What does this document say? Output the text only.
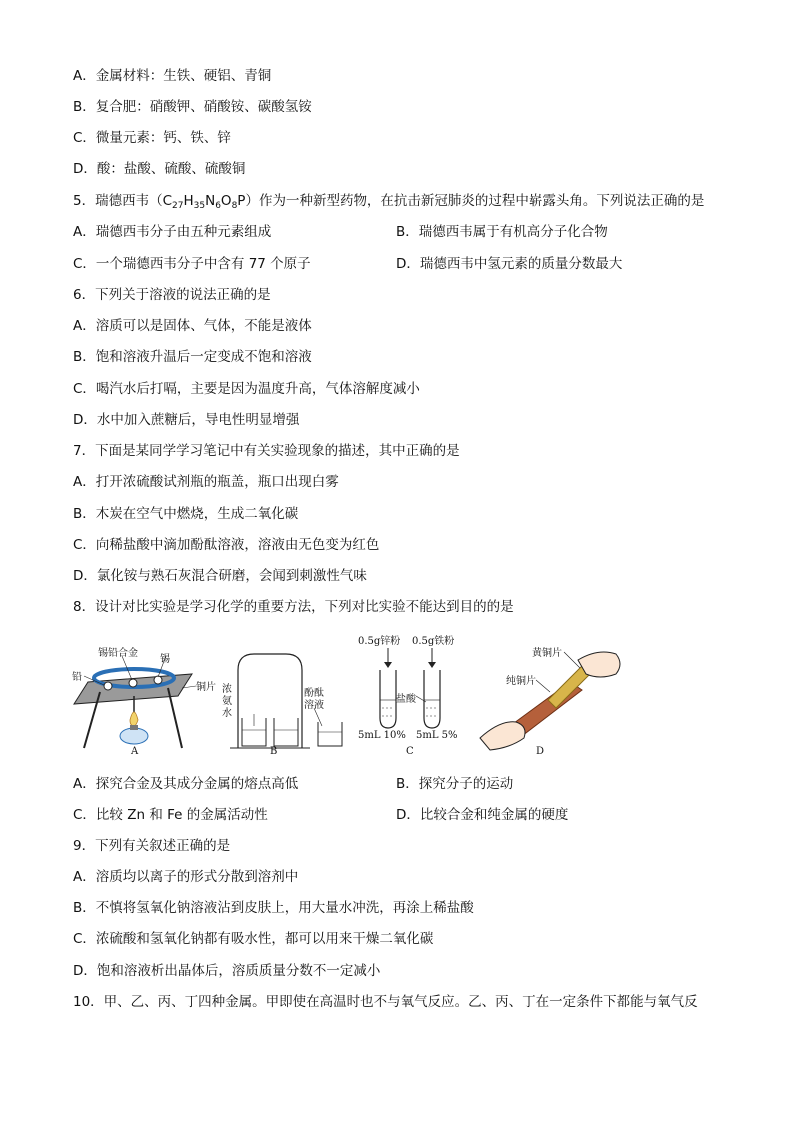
A．金属材料：生铁、硬铝、青铜
B．复合肥：硝酸钾、硝酸铵、碳酸氢铵
C．微量元素：钙、铁、锌
D．酸：盐酸、硫酸、硫酸铜
5．瑞德西韦$(C_{27}H_{35}N_6O_8P)$作为一种新型药物，在抗击新冠肺炎的过程中崭露头角。下列说法正确的是
A．瑞德西韦分子由五种元素组成	B．瑞德西韦属于有机高分子化合物
C．一个瑞德西韦分子中含有 77 个原子	D．瑞德西韦中氢元素的质量分数最大
6．下列关于溶液的说法正确的是
A．溶质可以是固体、气体，不能是液体
B．饱和溶液升温后一定变成不饱和溶液
C．喝汽水后打嗝，主要是因为温度升高，气体溶解度减小
D．水中加入蔗糖后，导电性明显增强
7．下面是某同学学习笔记中有关实验现象的描述，其中正确的是
A．打开浓硫酸试剂瓶的瓶盖，瓶口出现白雾
B．木炭在空气中燃烧，生成二氧化碳
C．向稀盐酸中滴加酚酞溶液，溶液由无色变为红色
D．氯化铵与熟石灰混合研磨，会闻到刺激性气味
8．设计对比实验是学习化学的重要方法，下列对比实验不能达到目的的是
锡铅合金
锡
铅
铜片
A
浓
氨
水
酚酞
溶液
B
0.5g锌粉 0.5g铁粉
盐酸
5mL 10% 5mL 5%
C
黄铜片
纯铜片
D
A．探究合金及其成分金属的熔点高低	B．探究分子的运动
C．比较 Zn 和 Fe 的金属活动性	D．比较合金和纯金属的硬度
9．下列有关叙述正确的是
A．溶质均以离子的形式分散到溶剂中
B．不慎将氢氧化钠溶液沾到皮肤上，用大量水冲洗，再涂上稀盐酸
C．浓硫酸和氢氧化钠都有吸水性，都可以用来干燥二氧化碳
D．饱和溶液析出晶体后，溶质质量分数不一定减小
10．甲、乙、丙、丁四种金属。甲即使在高温时也不与氧气反应。乙、丙、丁在一定条件下都能与氧气反
